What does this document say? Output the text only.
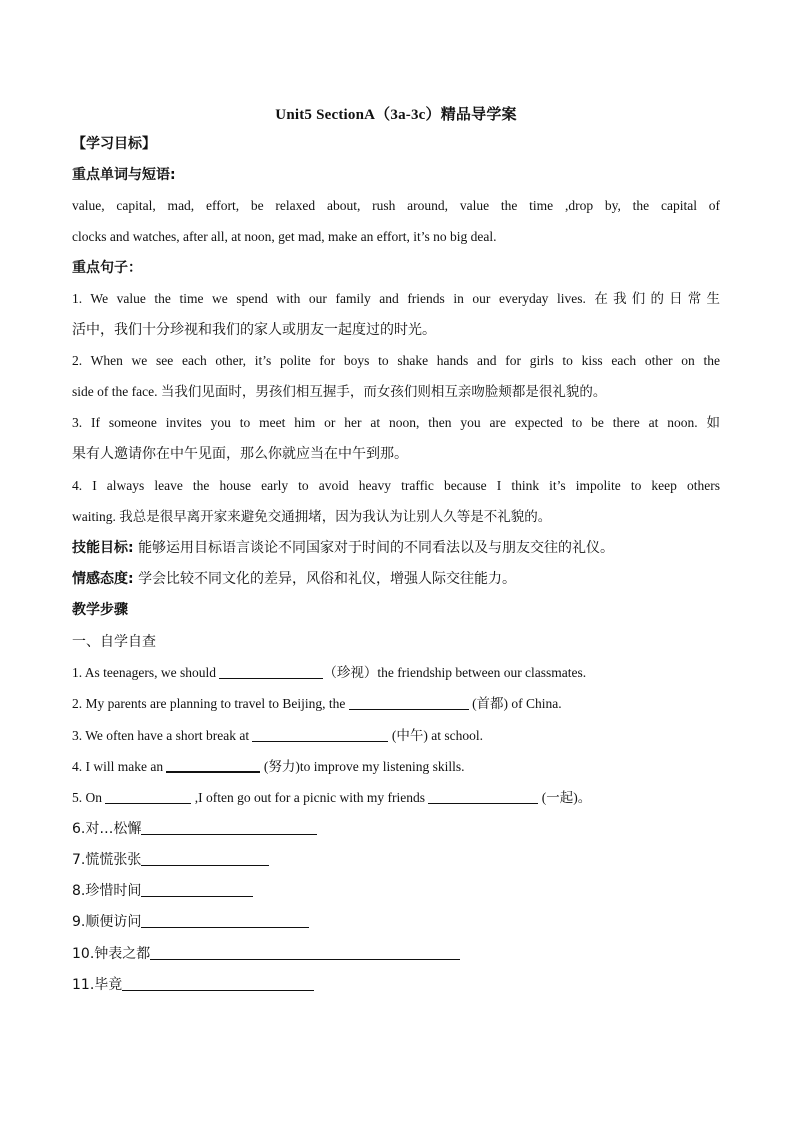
Unit5 SectionA（3a-3c）精品导学案
【学习目标】
重点单词与短语:
value, capital, mad, effort, be relaxed about, rush around, value the time ,drop by, the capital of
clocks and watches, after all, at noon, get mad, make an effort, it’s no big deal.
重点句子：
1. We value the time we spend with our family and friends in our everyday lives. 在我们的日常生
活中，我们十分珍视和我们的家人或朋友一起度过的时光。
2. When we see each other, it’s polite for boys to shake hands and for girls to kiss each other on the
side of the face. 当我们见面时，男孩们相互握手，而女孩们则相互亲吻脸颊都是很礼貌的。
3. If someone invites you to meet him or her at noon, then you are expected to be there at noon. 如
果有人邀请你在中午见面，那么你就应当在中午到那。
4. I always leave the house early to avoid heavy traffic because I think it’s impolite to keep others
waiting. 我总是很早离开家来避免交通拥堵，因为我认为让别人久等是不礼貌的。
技能目标: 能够运用目标语言谈论不同国家对于时间的不同看法以及与朋友交往的礼仪。
情感态度: 学会比较不同文化的差异，风俗和礼仪，增强人际交往能力。
教学步骤
一、自学自查
1. As teenagers, we should	（珍视）the friendship between our classmates.
2. My parents are planning to travel to Beijing, the	(首都) of China.
3. We often have a short break at	(中午) at school.
4. I will make an	(努力)to improve my listening skills.
5. On	,I often go out for a picnic with my friends	(一起)。
6.对…松懈
7.慌慌张张
8.珍惜时间
9.顺便访问
10.钟表之都
11.毕竟
